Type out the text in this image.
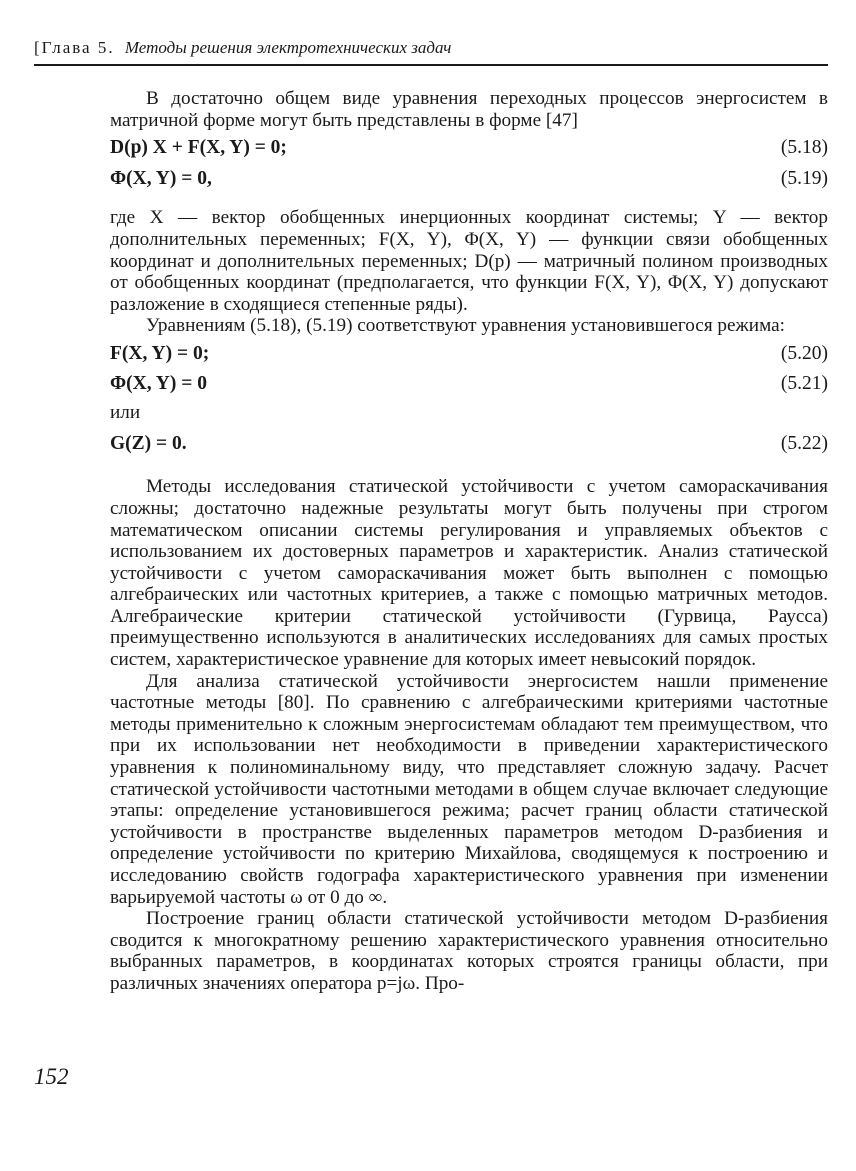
[Глава 5. Методы решения электротехнических задач

В достаточно общем виде уравнения переходных процессов энергосистем в матричной форме могут быть представлены в форме [47]

D(p) X + F(X, Y) = 0;	(5.18)
Φ(X, Y) = 0,	(5.19)

где X — вектор обобщенных инерционных координат системы; Y — вектор дополнительных переменных; F(X, Y), Φ(X, Y) — функции связи обобщенных координат и дополнительных переменных; D(p) — матричный полином производных от обобщенных координат (предполагается, что функции F(X, Y), Φ(X, Y) допускают разложение в сходящиеся степенные ряды).

Уравнениям (5.18), (5.19) соответствуют уравнения установившегося режима:

F(X, Y) = 0;	(5.20)
Φ(X, Y) = 0	(5.21)

или

G(Z) = 0.	(5.22)

Методы исследования статической устойчивости с учетом самораскачивания сложны; достаточно надежные результаты могут быть получены при строгом математическом описании системы регулирования и управляемых объектов с использованием их достоверных параметров и характеристик. Анализ статической устойчивости с учетом самораскачивания может быть выполнен с помощью алгебраических или частотных критериев, а также с помощью матричных методов. Алгебраические критерии статической устойчивости (Гурвица, Раусса) преимущественно используются в аналитических исследованиях для самых простых систем, характеристическое уравнение для которых имеет невысокий порядок.

Для анализа статической устойчивости энергосистем нашли применение частотные методы [80]. По сравнению с алгебраическими критериями частотные методы применительно к сложным энергосистемам обладают тем преимуществом, что при их использовании нет необходимости в приведении характеристического уравнения к полиноминальному виду, что представляет сложную задачу. Расчет статической устойчивости частотными методами в общем случае включает следующие этапы: определение установившегося режима; расчет границ области статической устойчивости в пространстве выделенных параметров методом D-разбиения и определение устойчивости по критерию Михайлова, сводящемуся к построению и исследованию свойств годографа характеристического уравнения при изменении варьируемой частоты ω от 0 до ∞.

Построение границ области статической устойчивости методом D-разбиения сводится к многократному решению характеристического уравнения относительно выбранных параметров, в координатах которых строятся границы области, при различных значениях оператора p=jω. Про-

152
